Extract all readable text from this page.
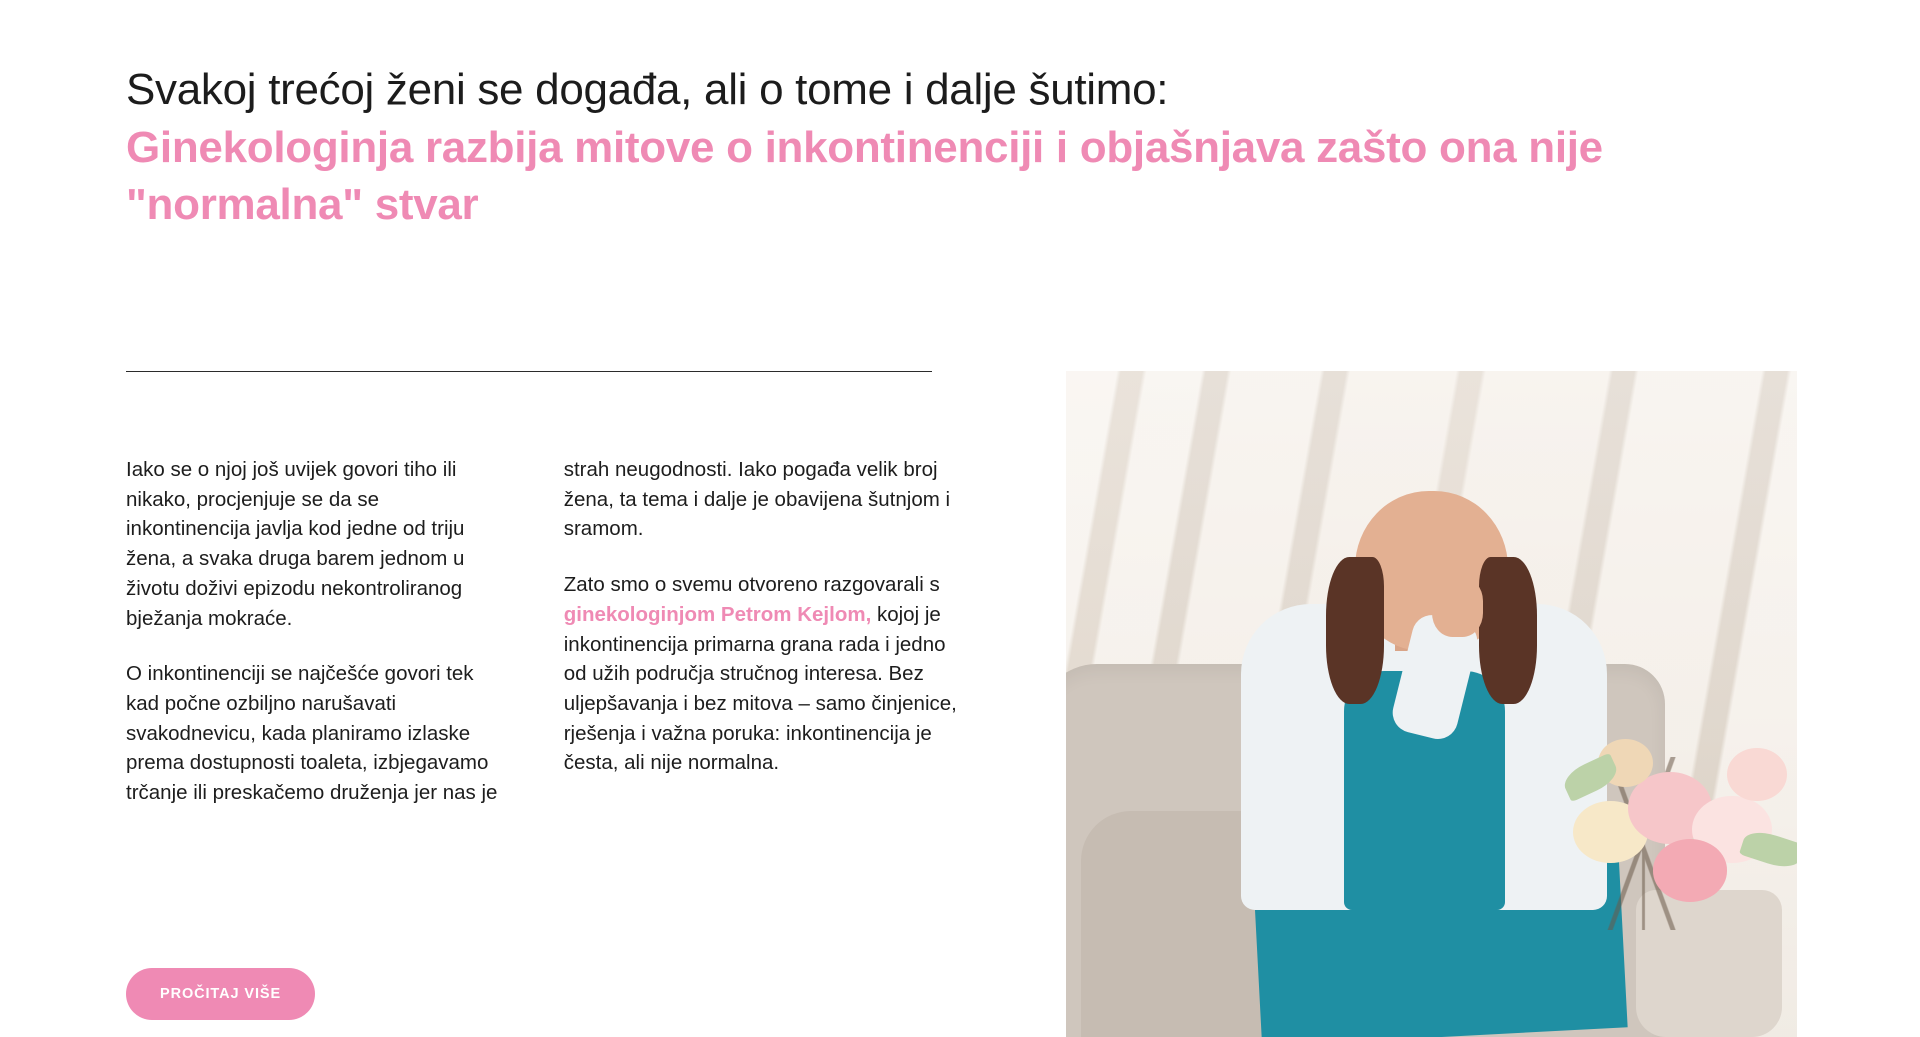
Svakoj trećoj ženi se događa, ali o tome i dalje šutimo:
Ginekologinja razbija mitove o inkontinenciji i objašnjava zašto ona nije "normalna" stvar

Iako se o njoj još uvijek govori tiho ili nikako, procjenjuje se da se inkontinencija javlja kod jedne od triju žena, a svaka druga barem jednom u životu doživi epizodu nekontroliranog bježanja mokraće.

O inkontinenciji se najčešće govori tek kad počne ozbiljno narušavati svakodnevicu, kada planiramo izlaske prema dostupnosti toaleta, izbjegavamo trčanje ili preskačemo druženja jer nas je

strah neugodnosti. Iako pogađa velik broj žena, ta tema i dalje je obavijena šutnjom i sramom.

Zato smo o svemu otvoreno razgovarali s ginekologinjom Petrom Kejlom, kojoj je inkontinencija primarna grana rada i jedno od užih područja stručnog interesa. Bez uljepšavanja i bez mitova – samo činjenice, rješenja i važna poruka: inkontinencija je česta, ali nije normalna.

PROČITAJ VIŠE
